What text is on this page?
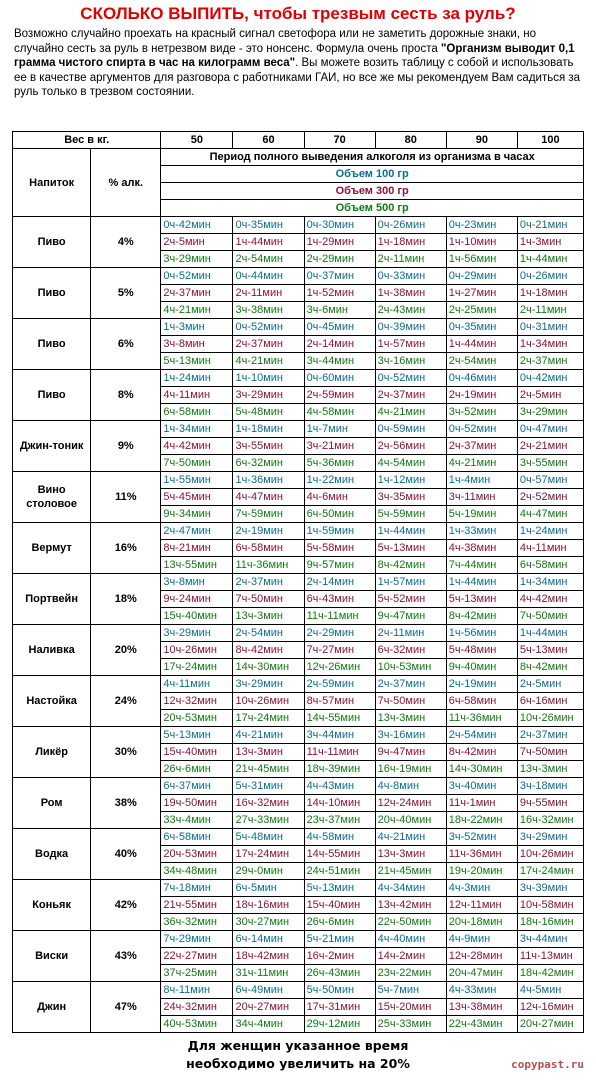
СКОЛЬКО ВЫПИТЬ, чтобы трезвым сесть за руль?

Возможно случайно проехать на красный сигнал светофора или не заметить дорожные знаки, но случайно сесть за руль в нетрезвом виде - это нонсенс. Формула очень проста "Организм выводит 0,1 грамма чистого спирта в час на килограмм веса". Вы можете возить таблицу с собой и использовать ее в качестве аргументов для разговора с работниками ГАИ, но все же мы рекомендуем Вам садиться за руль только в трезвом состоянии.

Вес в кг.		50	60	70	80	90	100
Напиток	% алк.	Период полного выведения алкоголя из организма в часах					
		Объем 100 гр					
		Объем 300 гр					
		Объем 500 гр					
Пиво	4%	0ч-42мин	0ч-35мин	0ч-30мин	0ч-26мин	0ч-23мин	0ч-21мин
		2ч-5мин	1ч-44мин	1ч-29мин	1ч-18мин	1ч-10мин	1ч-3мин
		3ч-29мин	2ч-54мин	2ч-29мин	2ч-11мин	1ч-56мин	1ч-44мин
Пиво	5%	0ч-52мин	0ч-44мин	0ч-37мин	0ч-33мин	0ч-29мин	0ч-26мин
		2ч-37мин	2ч-11мин	1ч-52мин	1ч-38мин	1ч-27мин	1ч-18мин
		4ч-21мин	3ч-38мин	3ч-6мин	2ч-43мин	2ч-25мин	2ч-11мин
Пиво	6%	1ч-3мин	0ч-52мин	0ч-45мин	0ч-39мин	0ч-35мин	0ч-31мин
		3ч-8мин	2ч-37мин	2ч-14мин	1ч-57мин	1ч-44мин	1ч-34мин
		5ч-13мин	4ч-21мин	3ч-44мин	3ч-16мин	2ч-54мин	2ч-37мин
Пиво	8%	1ч-24мин	1ч-10мин	0ч-60мин	0ч-52мин	0ч-46мин	0ч-42мин
		4ч-11мин	3ч-29мин	2ч-59мин	2ч-37мин	2ч-19мин	2ч-5мин
		6ч-58мин	5ч-48мин	4ч-58мин	4ч-21мин	3ч-52мин	3ч-29мин
Джин-тоник	9%	1ч-34мин	1ч-18мин	1ч-7мин	0ч-59мин	0ч-52мин	0ч-47мин
		4ч-42мин	3ч-55мин	3ч-21мин	2ч-56мин	2ч-37мин	2ч-21мин
		7ч-50мин	6ч-32мин	5ч-36мин	4ч-54мин	4ч-21мин	3ч-55мин
Вино столовое	11%	1ч-55мин	1ч-36мин	1ч-22мин	1ч-12мин	1ч-4мин	0ч-57мин
		5ч-45мин	4ч-47мин	4ч-6мин	3ч-35мин	3ч-11мин	2ч-52мин
		9ч-34мин	7ч-59мин	6ч-50мин	5ч-59мин	5ч-19мин	4ч-47мин
Вермут	16%	2ч-47мин	2ч-19мин	1ч-59мин	1ч-44мин	1ч-33мин	1ч-24мин
		8ч-21мин	6ч-58мин	5ч-58мин	5ч-13мин	4ч-38мин	4ч-11мин
		13ч-55мин	11ч-36мин	9ч-57мин	8ч-42мин	7ч-44мин	6ч-58мин
Портвейн	18%	3ч-8мин	2ч-37мин	2ч-14мин	1ч-57мин	1ч-44мин	1ч-34мин
		9ч-24мин	7ч-50мин	6ч-43мин	5ч-52мин	5ч-13мин	4ч-42мин
		15ч-40мин	13ч-3мин	11ч-11мин	9ч-47мин	8ч-42мин	7ч-50мин
Наливка	20%	3ч-29мин	2ч-54мин	2ч-29мин	2ч-11мин	1ч-56мин	1ч-44мин
		10ч-26мин	8ч-42мин	7ч-27мин	6ч-32мин	5ч-48мин	5ч-13мин
		17ч-24мин	14ч-30мин	12ч-26мин	10ч-53мин	9ч-40мин	8ч-42мин
Настойка	24%	4ч-11мин	3ч-29мин	2ч-59мин	2ч-37мин	2ч-19мин	2ч-5мин
		12ч-32мин	10ч-26мин	8ч-57мин	7ч-50мин	6ч-58мин	6ч-16мин
		20ч-53мин	17ч-24мин	14ч-55мин	13ч-3мин	11ч-36мин	10ч-26мин
Ликёр	30%	5ч-13мин	4ч-21мин	3ч-44мин	3ч-16мин	2ч-54мин	2ч-37мин
		15ч-40мин	13ч-3мин	11ч-11мин	9ч-47мин	8ч-42мин	7ч-50мин
		26ч-6мин	21ч-45мин	18ч-39мин	16ч-19мин	14ч-30мин	13ч-3мин
Ром	38%	6ч-37мин	5ч-31мин	4ч-43мин	4ч-8мин	3ч-40мин	3ч-18мин
		19ч-50мин	16ч-32мин	14ч-10мин	12ч-24мин	11ч-1мин	9ч-55мин
		33ч-4мин	27ч-33мин	23ч-37мин	20ч-40мин	18ч-22мин	16ч-32мин
Водка	40%	6ч-58мин	5ч-48мин	4ч-58мин	4ч-21мин	3ч-52мин	3ч-29мин
		20ч-53мин	17ч-24мин	14ч-55мин	13ч-3мин	11ч-36мин	10ч-26мин
		34ч-48мин	29ч-0мин	24ч-51мин	21ч-45мин	19ч-20мин	17ч-24мин
Коньяк	42%	7ч-18мин	6ч-5мин	5ч-13мин	4ч-34мин	4ч-3мин	3ч-39мин
		21ч-55мин	18ч-16мин	15ч-40мин	13ч-42мин	12ч-11мин	10ч-58мин
		36ч-32мин	30ч-27мин	26ч-6мин	22ч-50мин	20ч-18мин	18ч-16мин
Виски	43%	7ч-29мин	6ч-14мин	5ч-21мин	4ч-40мин	4ч-9мин	3ч-44мин
		22ч-27мин	18ч-42мин	16ч-2мин	14ч-2мин	12ч-28мин	11ч-13мин
		37ч-25мин	31ч-11мин	26ч-43мин	23ч-22мин	20ч-47мин	18ч-42мин
Джин	47%	8ч-11мин	6ч-49мин	5ч-50мин	5ч-7мин	4ч-33мин	4ч-5мин
		24ч-32мин	20ч-27мин	17ч-31мин	15ч-20мин	13ч-38мин	12ч-16мин
		40ч-53мин	34ч-4мин	29ч-12мин	25ч-33мин	22ч-43мин	20ч-27мин

Для женщин указанное время

необходимо увеличить на 20%	copypast.ru
